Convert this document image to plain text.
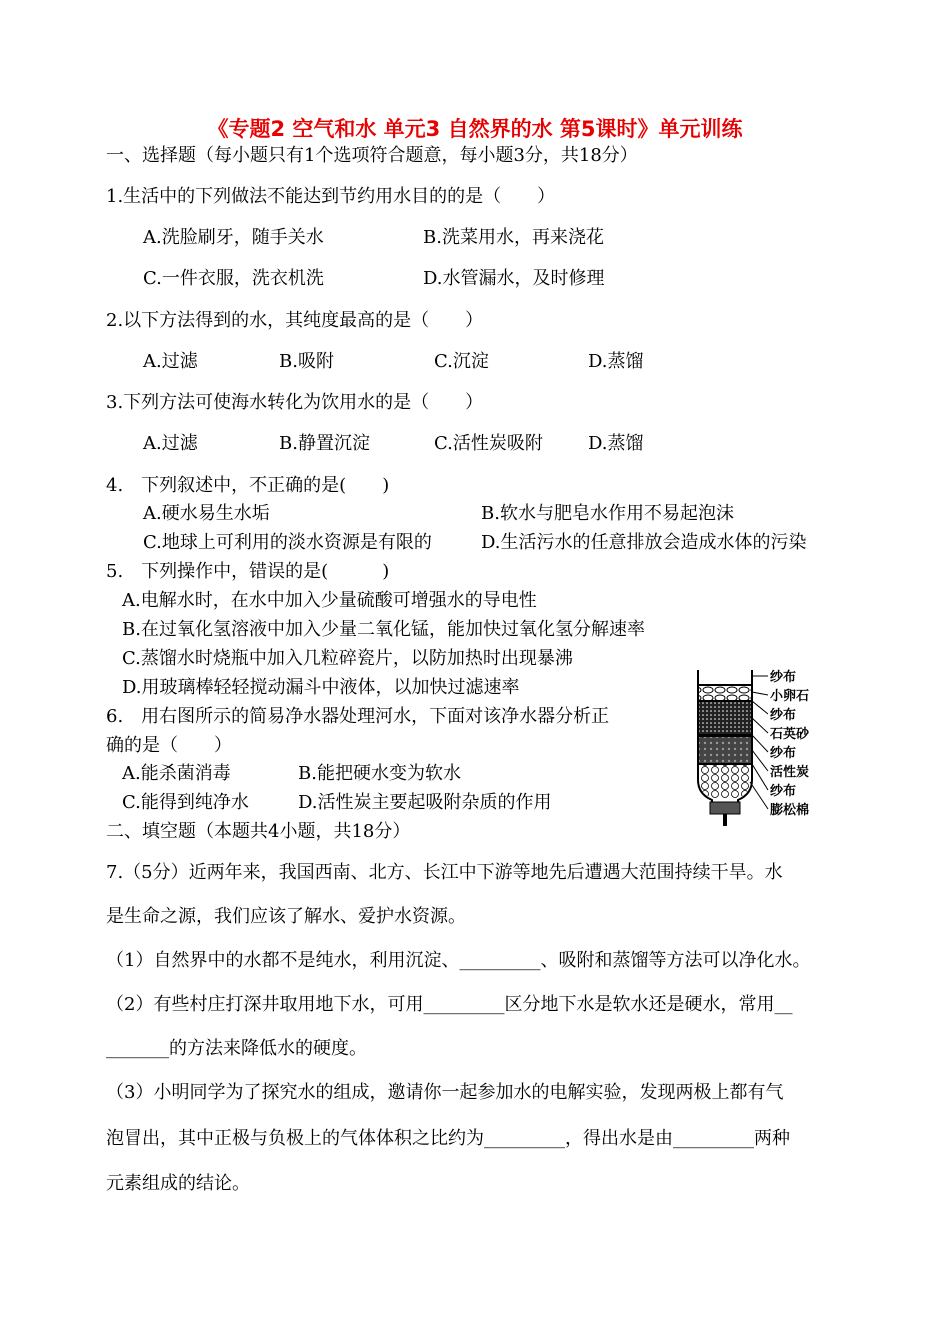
《专题2 空气和水 单元3 自然界的水 第5课时》单元训练
一、选择题（每小题只有1个选项符合题意，每小题3分，共18分）
1.生活中的下列做法不能达到节约用水目的的是（　　）
A.洗脸刷牙，随手关水	B.洗菜用水，再来浇花
C.一件衣服，洗衣机洗	D.水管漏水，及时修理
2.以下方法得到的水，其纯度最高的是（　　）
A.过滤	B.吸附	C.沉淀	D.蒸馏
3.下列方法可使海水转化为饮用水的是（　　）
A.过滤	B.静置沉淀	C.活性炭吸附	D.蒸馏
4.　下列叙述中，不正确的是(　　)
A.硬水易生水垢	B.软水与肥皂水作用不易起泡沫
C.地球上可利用的淡水资源是有限的	D.生活污水的任意排放会造成水体的污染
5.　下列操作中，错误的是(　　　)
A.电解水时，在水中加入少量硫酸可增强水的导电性
B.在过氧化氢溶液中加入少量二氧化锰，能加快过氧化氢分解速率
C.蒸馏水时烧瓶中加入几粒碎瓷片，以防加热时出现暴沸
D.用玻璃棒轻轻搅动漏斗中液体，以加快过滤速率
6.　用右图所示的简易净水器处理河水，下面对该净水器分析正
确的是（　　）
A.能杀菌消毒	B.能把硬水变为软水
C.能得到纯净水	D.活性炭主要起吸附杂质的作用
纱布
小卵石
纱布
石英砂
纱布
活性炭
纱布
膨松棉
二、填空题（本题共4小题，共18分）
7.（5分）近两年来，我国西南、北方、长江中下游等地先后遭遇大范围持续干旱。水
是生命之源，我们应该了解水、爱护水资源。
（1）自然界中的水都不是纯水，利用沉淀、_________、吸附和蒸馏等方法可以净化水。
（2）有些村庄打深井取用地下水，可用_________区分地下水是软水还是硬水，常用__
_______的方法来降低水的硬度。
（3）小明同学为了探究水的组成，邀请你一起参加水的电解实验，发现两极上都有气
泡冒出，其中正极与负极上的气体体积之比约为_________，得出水是由_________两种
元素组成的结论。
